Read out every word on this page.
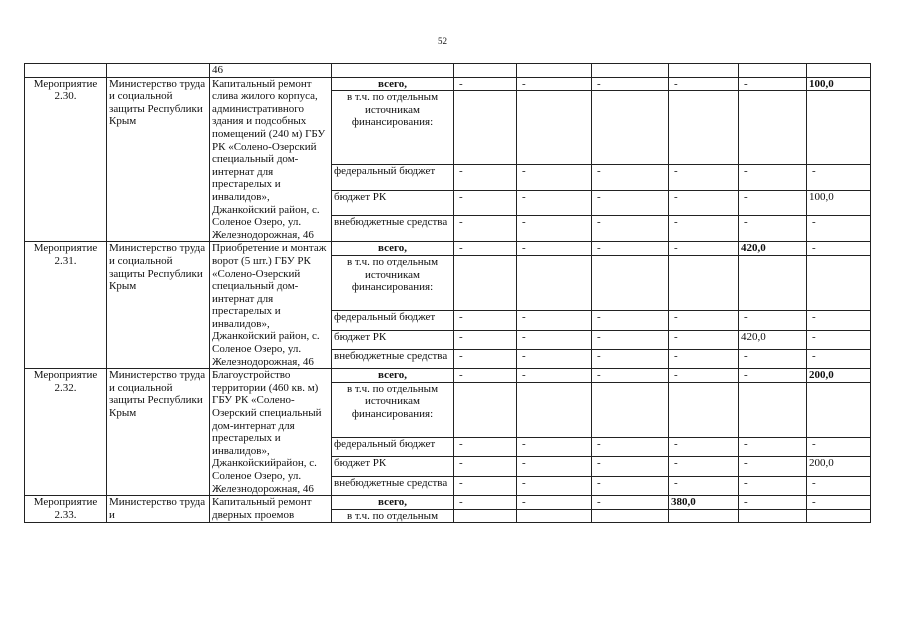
52
		46							
Мероприятие 2.30.	Министерство труда и социальной защиты Республики Крым	Капитальный ремонт слива жилого корпуса, административного здания и подсобных помещений (240 м) ГБУ РК «Солено-Озерский специальный дом-интернат для престарелых и инвалидов», Джанкойский район, с. Соленое Озеро, ул. Железнодорожная, 46	всего,	-	-	-	-	-	100,0
			в т.ч. по отдельным источникам финансирования:						
			федеральный бюджет	-	-	-	-	-	-
			бюджет РК	-	-	-	-	-	100,0
			внебюджетные средства	-	-	-	-	-	-
Мероприятие 2.31.	Министерство труда и социальной защиты Республики Крым	Приобретение и монтаж ворот (5 шт.) ГБУ РК «Солено-Озерский специальный дом-интернат для престарелых и инвалидов», Джанкойский район, с. Соленое Озеро, ул. Железнодорожная, 46	всего,	-	-	-	-	420,0	-
			в т.ч. по отдельным источникам финансирования:						
			федеральный бюджет	-	-	-	-	-	-
			бюджет РК	-	-	-	-	420,0	-
			внебюджетные средства	-	-	-	-	-	-
Мероприятие 2.32.	Министерство труда и социальной защиты Республики Крым	Благоустройство территории (460 кв. м) ГБУ РК «Солено-Озерский специальный дом-интернат для престарелых и инвалидов», Джанкойскийрайон, с. Соленое Озеро, ул. Железнодорожная, 46	всего,	-	-	-	-	-	200,0
			в т.ч. по отдельным источникам финансирования:						
			федеральный бюджет	-	-	-	-	-	-
			бюджет РК	-	-	-	-	-	200,0
			внебюджетные средства	-	-	-	-	-	-
Мероприятие 2.33.	Министерство труда и	Капитальный ремонт дверных проемов	всего,	-	-	-	380,0	-	-
			в т.ч. по отдельным						
